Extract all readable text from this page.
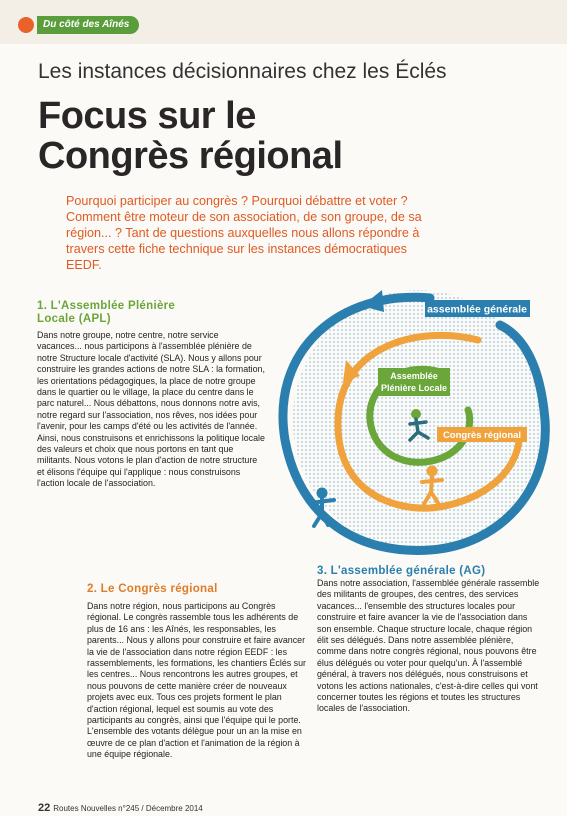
Du côté des Aînés
Les instances décisionnaires chez les Éclés
Focus sur le
Congrès régional
Pourquoi participer au congrès ? Pourquoi débattre et voter ? Comment être moteur de son association, de son groupe, de sa région... ? Tant de questions auxquelles nous allons répondre à travers cette fiche technique sur les instances démocratiques EEDF.
assemblée générale
Assemblée
Plénière Locale
Congrès régional
1. L'Assemblée Plénière
Locale (APL)
Dans notre groupe, notre centre, notre service vacances... nous participons à l'assemblée plénière de notre Structure locale d'activité (SLA). Nous y allons pour construire les grandes actions de notre SLA : la formation, les orientations pédagogiques, la place de notre groupe dans le quartier ou le village, la place du centre dans le parc naturel... Nous débattons, nous donnons notre avis, notre regard sur l'association, nos rêves, nos idées pour l'avenir, pour les camps d'été ou les activités de l'année. Ainsi, nous construisons et enrichissons la politique locale des valeurs et choix que nous portons en tant que militants. Nous votons le plan d'action de notre structure et élisons l'équipe qui l'applique : nous construisons l'action locale de l'association.
2. Le Congrès régional
Dans notre région, nous participons au Congrès régional. Le congrès rassemble tous les adhérents de plus de 16 ans : les Aînés, les responsables, les parents... Nous y allons pour construire et faire avancer la vie de l'association dans notre région EEDF : les rassemblements, les formations, les chantiers Éclés sur les centres... Nous rencontrons les autres groupes, et nous pouvons de cette manière créer de nouveaux projets avec eux. Tous ces projets forment le plan d'action régional, lequel est soumis au vote des participants au congrès, ainsi que l'équipe qui le porte. L'ensemble des votants délègue pour un an la mise en œuvre de ce plan d'action et l'animation de la région à une équipe régionale.
3. L'assemblée générale (AG)
Dans notre association, l'assemblée générale rassemble des militants de groupes, des centres, des services vacances... l'ensemble des structures locales pour construire et faire avancer la vie de l'association dans son ensemble. Chaque structure locale, chaque région élit ses délégués. Dans notre assemblée plénière, comme dans notre congrès régional, nous pouvons être élus délégués ou voter pour quelqu'un. À l'assemblé général, à travers nos délégués, nous construisons et votons les actions nationales, c'est-à-dire celles qui vont concerner toutes les régions et toutes les structures locales de l'association.
22 Routes Nouvelles n°245 / Décembre 2014
